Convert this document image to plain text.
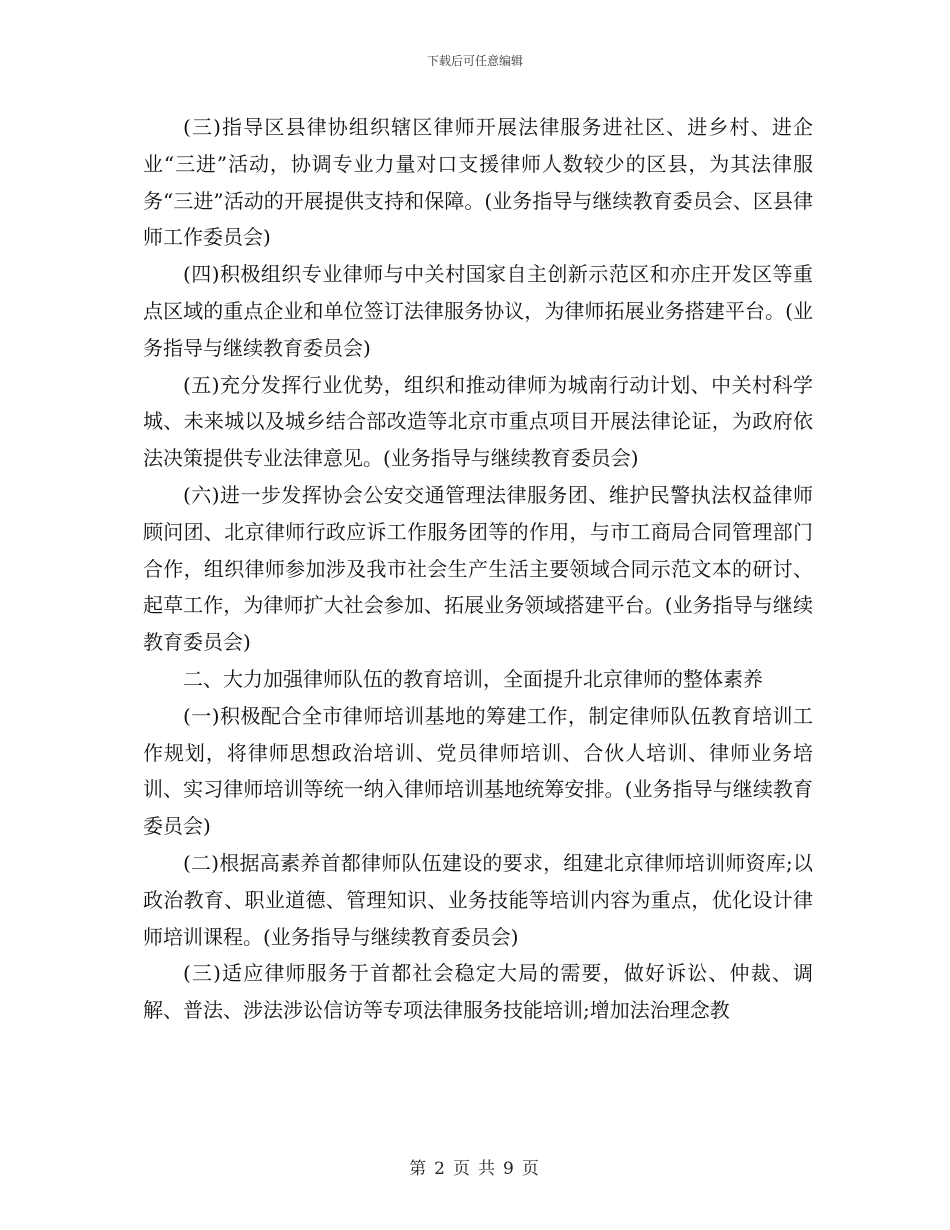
下载后可任意编辑

(三)指导区县律协组织辖区律师开展法律服务进社区、进乡村、进企业“三进”活动，协调专业力量对口支援律师人数较少的区县，为其法律服务“三进”活动的开展提供支持和保障。(业务指导与继续教育委员会、区县律师工作委员会)

(四)积极组织专业律师与中关村国家自主创新示范区和亦庄开发区等重点区域的重点企业和单位签订法律服务协议，为律师拓展业务搭建平台。(业务指导与继续教育委员会)

(五)充分发挥行业优势，组织和推动律师为城南行动计划、中关村科学城、未来城以及城乡结合部改造等北京市重点项目开展法律论证，为政府依法决策提供专业法律意见。(业务指导与继续教育委员会)

(六)进一步发挥协会公安交通管理法律服务团、维护民警执法权益律师顾问团、北京律师行政应诉工作服务团等的作用，与市工商局合同管理部门合作，组织律师参加涉及我市社会生产生活主要领域合同示范文本的研讨、起草工作，为律师扩大社会参加、拓展业务领域搭建平台。(业务指导与继续教育委员会)

二、大力加强律师队伍的教育培训，全面提升北京律师的整体素养

(一)积极配合全市律师培训基地的筹建工作，制定律师队伍教育培训工作规划，将律师思想政治培训、党员律师培训、合伙人培训、律师业务培训、实习律师培训等统一纳入律师培训基地统筹安排。(业务指导与继续教育委员会)

(二)根据高素养首都律师队伍建设的要求，组建北京律师培训师资库;以政治教育、职业道德、管理知识、业务技能等培训内容为重点，优化设计律师培训课程。(业务指导与继续教育委员会)

(三)适应律师服务于首都社会稳定大局的需要，做好诉讼、仲裁、调解、普法、涉法涉讼信访等专项法律服务技能培训;增加法治理念教

第 2 页 共 9 页
